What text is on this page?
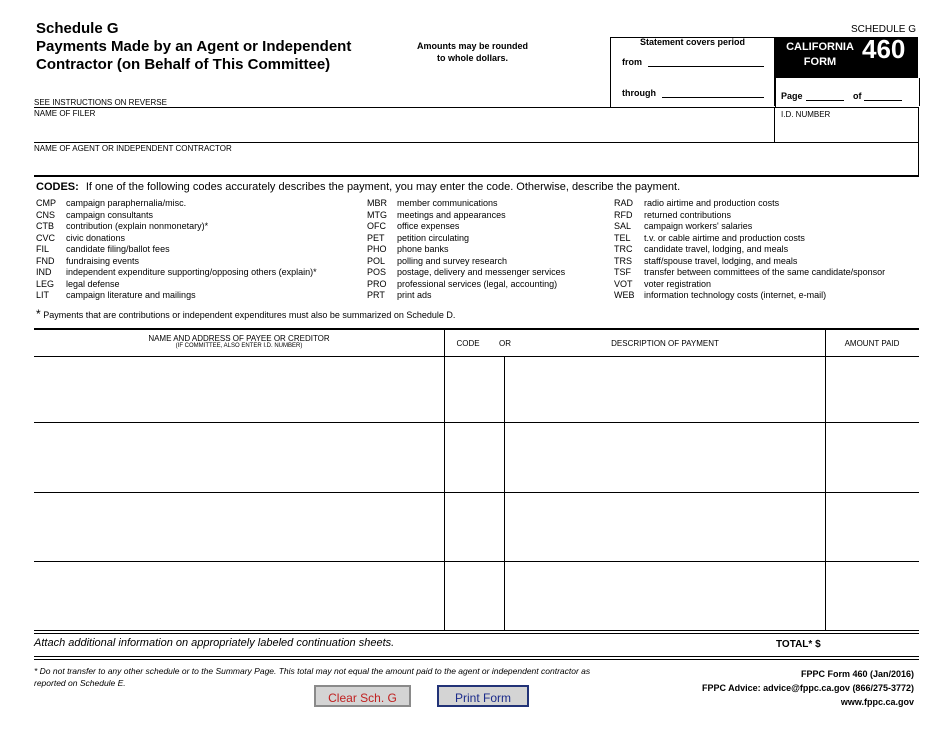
Schedule G
Payments Made by an Agent or Independent Contractor (on Behalf of This Committee)
Amounts may be rounded
to whole dollars.
SCHEDULE G
Statement covers period
from
through
CALIFORNIA
FORM 460
Page	of
SEE INSTRUCTIONS ON REVERSE
NAME OF FILER	I.D. NUMBER
NAME OF AGENT OR INDEPENDENT CONTRACTOR
CODES: If one of the following codes accurately describes the payment, you may enter the code. Otherwise, describe the payment.
CMP	campaign paraphernalia/misc.
CNS	campaign consultants
CTB	contribution (explain nonmonetary)*
CVC	civic donations
FIL	candidate filing/ballot fees
FND	fundraising events
IND	independent expenditure supporting/opposing others (explain)*
LEG	legal defense
LIT	campaign literature and mailings
MBR	member communications
MTG	meetings and appearances
OFC	office expenses
PET	petition circulating
PHO	phone banks
POL	polling and survey research
POS	postage, delivery and messenger services
PRO	professional services (legal, accounting)
PRT	print ads
RAD	radio airtime and production costs
RFD	returned contributions
SAL	campaign workers' salaries
TEL	t.v. or cable airtime and production costs
TRC	candidate travel, lodging, and meals
TRS	staff/spouse travel, lodging, and meals
TSF	transfer between committees of the same candidate/sponsor
VOT	voter registration
WEB	information technology costs (internet, e-mail)
* Payments that are contributions or independent expenditures must also be summarized on Schedule D.
NAME AND ADDRESS OF PAYEE OR CREDITOR
(IF COMMITTEE, ALSO ENTER I.D. NUMBER)	CODE	OR	DESCRIPTION OF PAYMENT	AMOUNT PAID
Attach additional information on appropriately labeled continuation sheets.	TOTAL* $
* Do not transfer to any other schedule or to the Summary Page. This total may not equal the amount paid to the agent or independent contractor as reported on Schedule E.
Clear Sch. G	Print Form
FPPC Form 460 (Jan/2016)
FPPC Advice: advice@fppc.ca.gov (866/275-3772)
www.fppc.ca.gov
